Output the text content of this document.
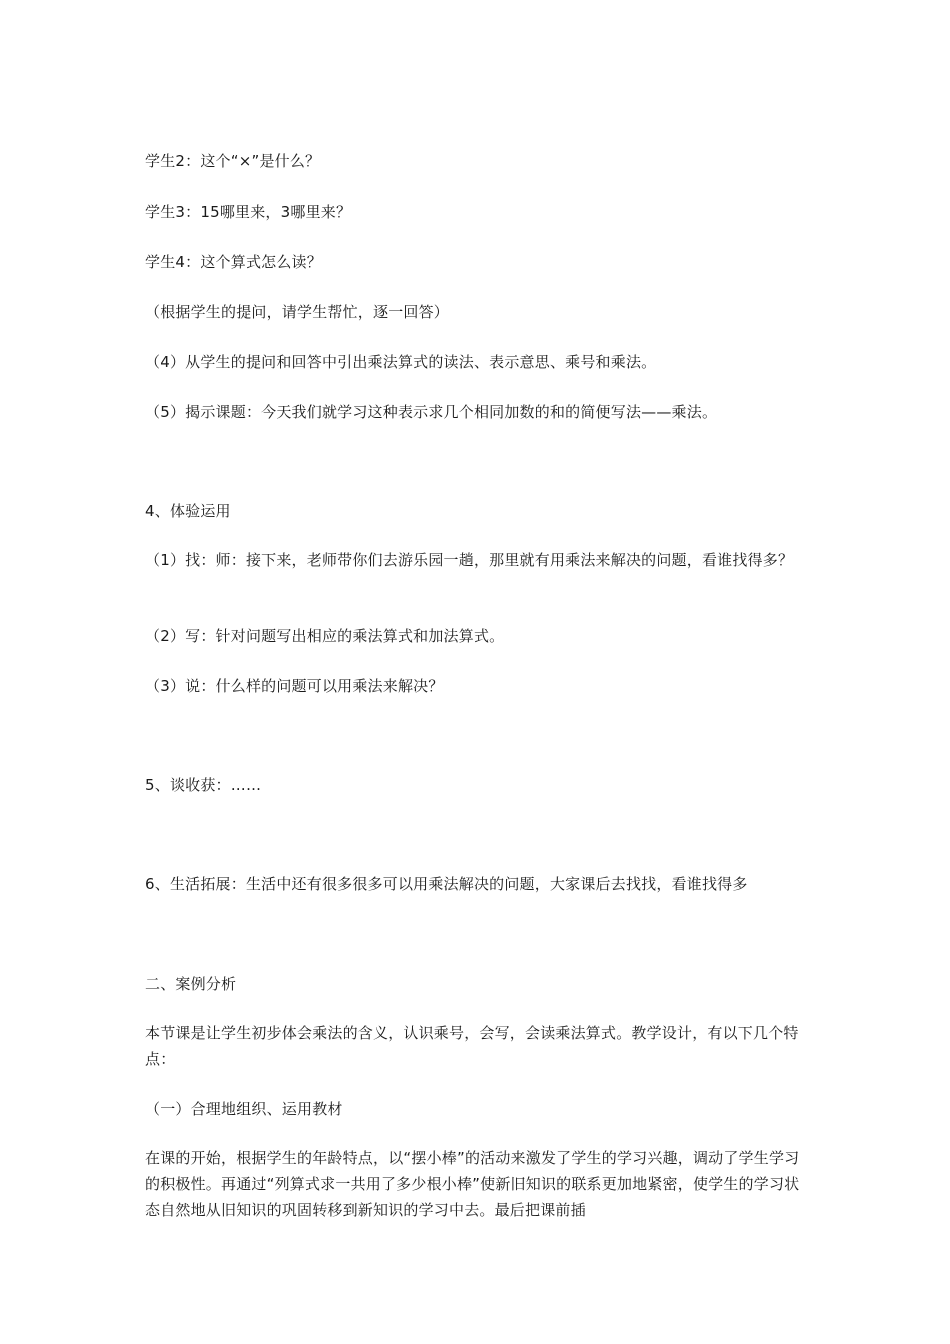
学生2：这个“×”是什么？
学生3：15哪里来，3哪里来？
学生4：这个算式怎么读？
（根据学生的提问，请学生帮忙，逐一回答）
（4）从学生的提问和回答中引出乘法算式的读法、表示意思、乘号和乘法。
（5）揭示课题：今天我们就学习这种表示求几个相同加数的和的简便写法——乘法。
4、体验运用
（1）找：师：接下来，老师带你们去游乐园一趟，那里就有用乘法来解决的问题，看谁找得多？
（2）写：针对问题写出相应的乘法算式和加法算式。
（3）说：什么样的问题可以用乘法来解决？
5、谈收获：……
6、生活拓展：生活中还有很多很多可以用乘法解决的问题，大家课后去找找，看谁找得多
二、案例分析
本节课是让学生初步体会乘法的含义，认识乘号，会写，会读乘法算式。教学设计，有以下几个特点：
（一）合理地组织、运用教材
在课的开始，根据学生的年龄特点，以“摆小棒”的活动来激发了学生的学习兴趣，调动了学生学习的积极性。再通过“列算式求一共用了多少根小棒”使新旧知识的联系更加地紧密，使学生的学习状态自然地从旧知识的巩固转移到新知识的学习中去。最后把课前插
